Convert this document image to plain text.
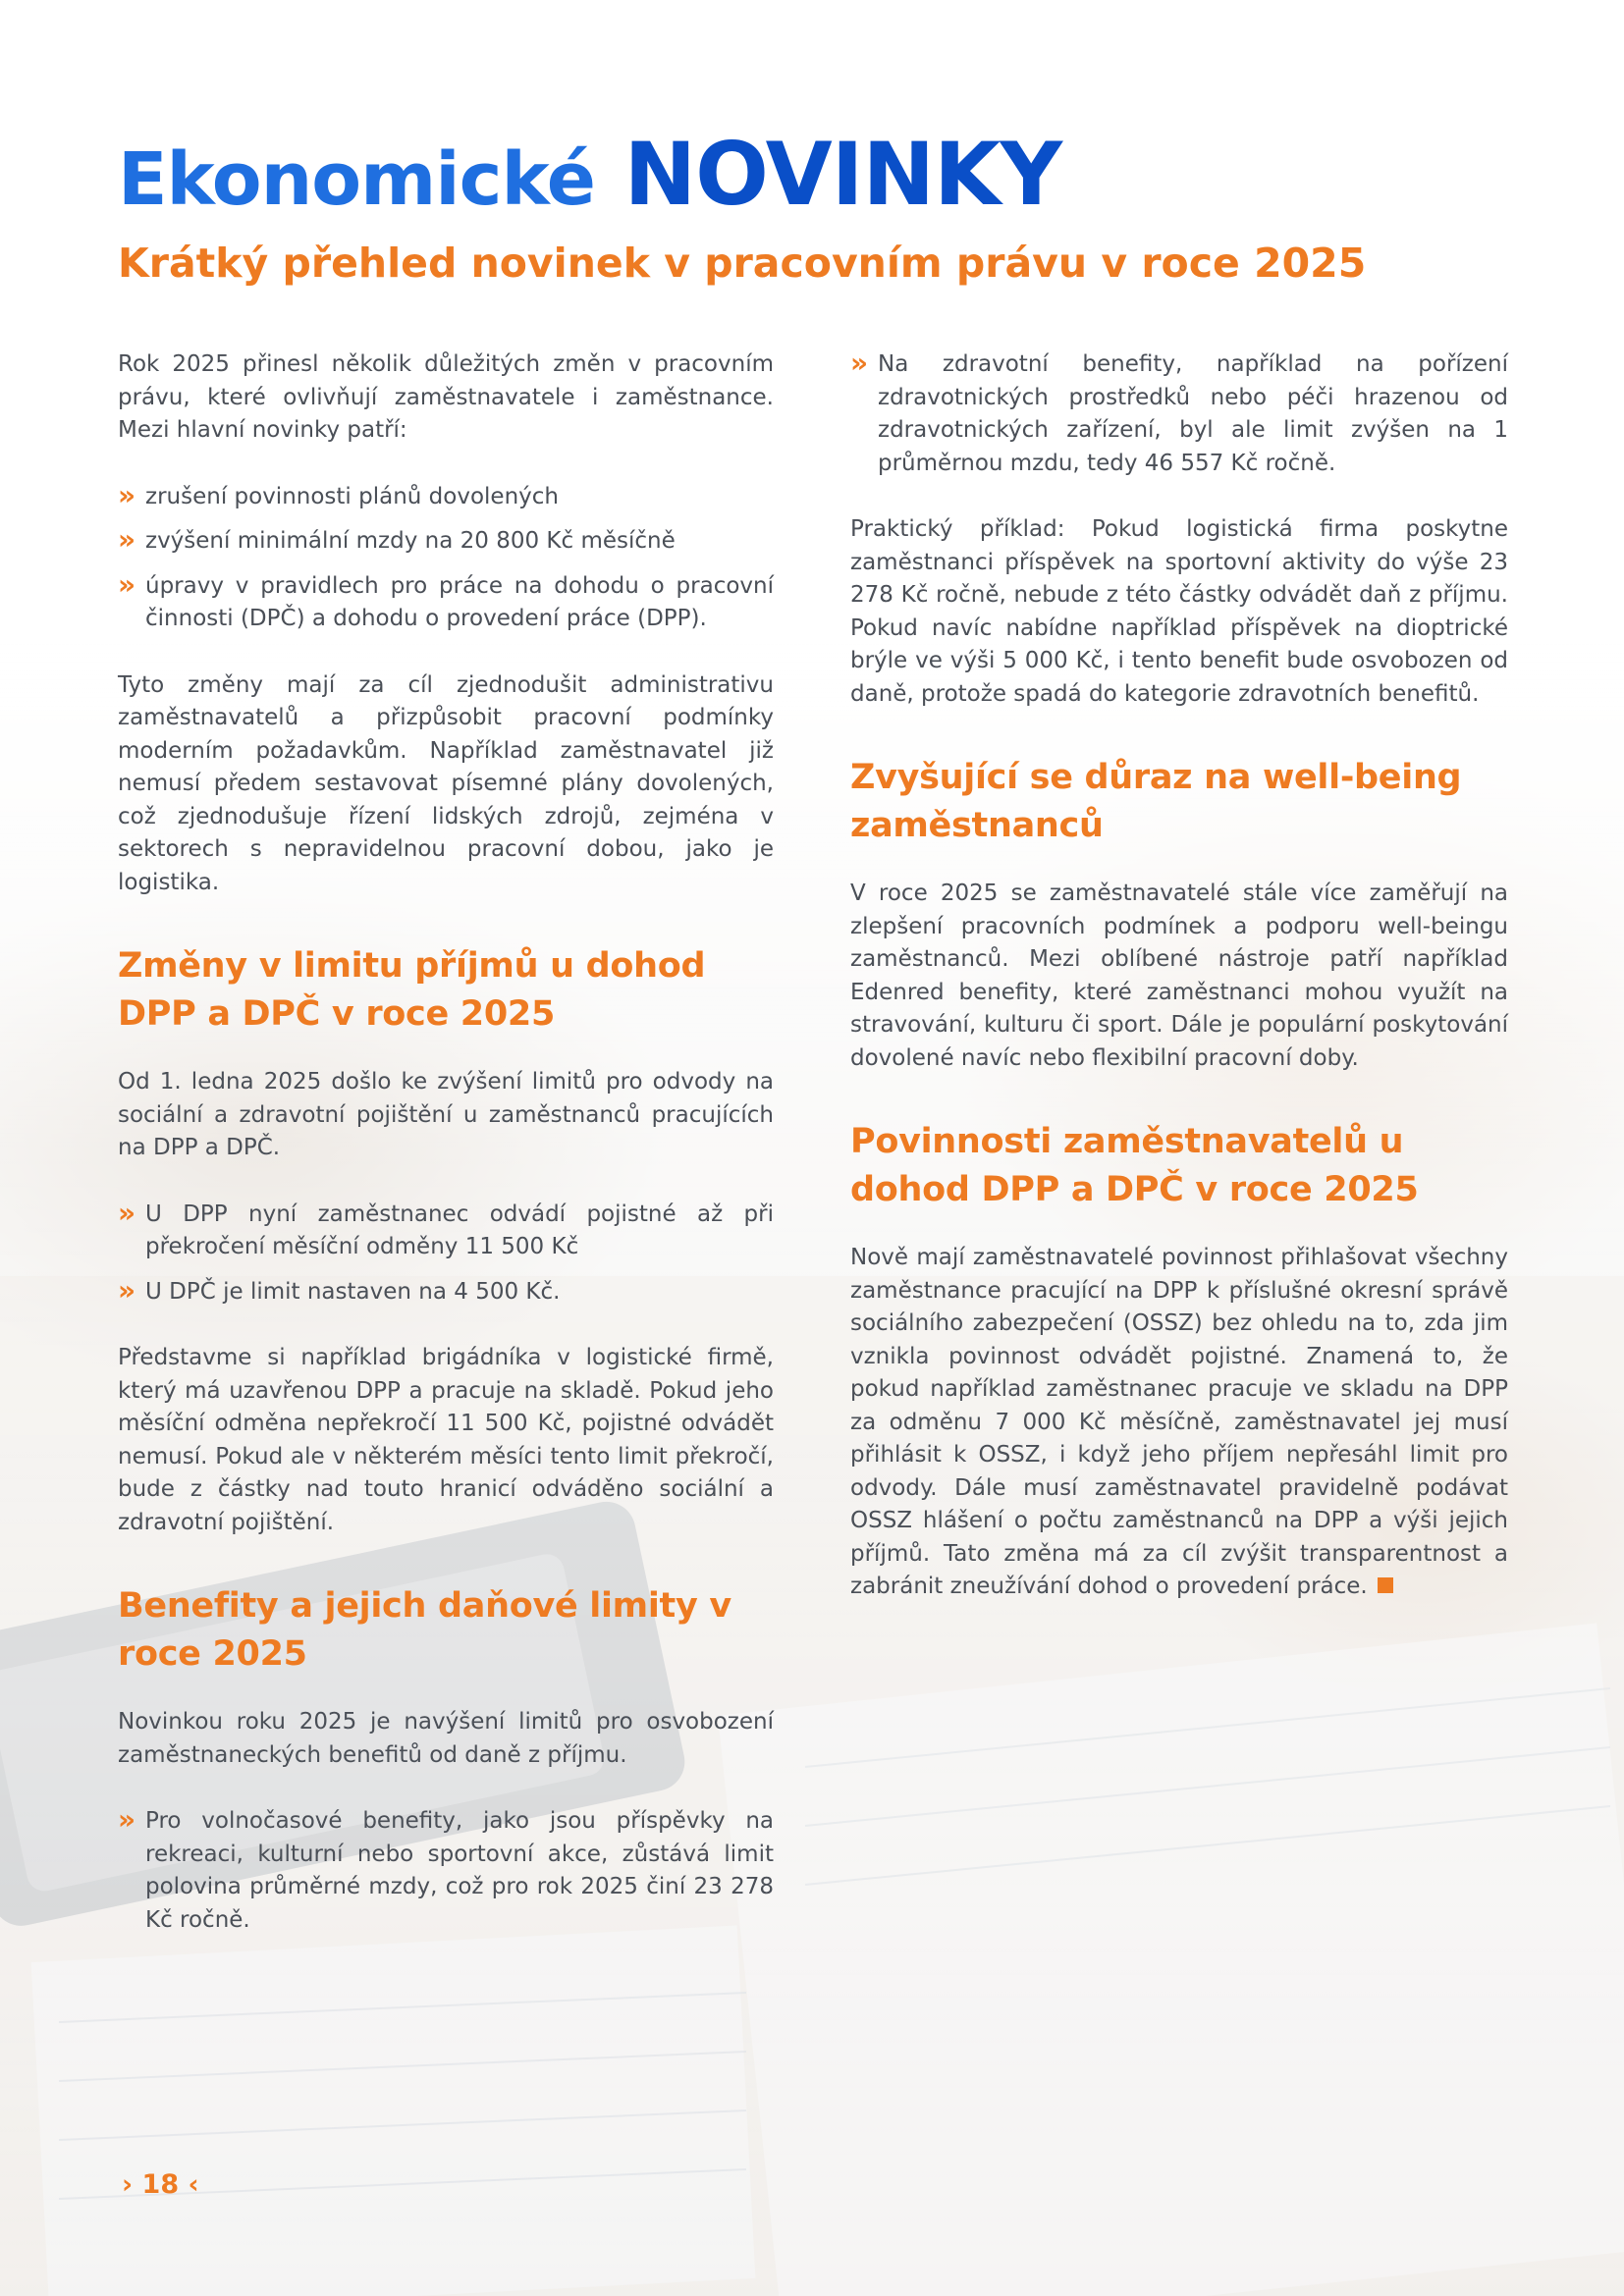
Ekonomické NOVINKY
Krátký přehled novinek v pracovním právu v roce 2025

Rok 2025 přinesl několik důležitých změn v pracovním právu, které ovlivňují zaměstnavatele i zaměstnance. Mezi hlavní novinky patří:

» zrušení povinnosti plánů dovolených
» zvýšení minimální mzdy na 20 800 Kč měsíčně
» úpravy v pravidlech pro práce na dohodu o pracovní činnosti (DPČ) a dohodu o provedení práce (DPP).

Tyto změny mají za cíl zjednodušit administrativu zaměstnavatelů a přizpůsobit pracovní podmínky moderním požadavkům. Například zaměstnavatel již nemusí předem sestavovat písemné plány dovolených, což zjednodušuje řízení lidských zdrojů, zejména v sektorech s nepravidelnou pracovní dobou, jako je logistika.

Změny v limitu příjmů u dohod DPP a DPČ v roce 2025

Od 1. ledna 2025 došlo ke zvýšení limitů pro odvody na sociální a zdravotní pojištění u zaměstnanců pracujících na DPP a DPČ.

» U DPP nyní zaměstnanec odvádí pojistné až při překročení měsíční odměny 11 500 Kč
» U DPČ je limit nastaven na 4 500 Kč.

Představme si například brigádníka v logistické firmě, který má uzavřenou DPP a pracuje na skladě. Pokud jeho měsíční odměna nepřekročí 11 500 Kč, pojistné odvádět nemusí. Pokud ale v některém měsíci tento limit překročí, bude z částky nad touto hranicí odváděno sociální a zdravotní pojištění.

Benefity a jejich daňové limity v roce 2025

Novinkou roku 2025 je navýšení limitů pro osvobození zaměstnaneckých benefitů od daně z příjmu.

» Pro volnočasové benefity, jako jsou příspěvky na rekreaci, kulturní nebo sportovní akce, zůstává limit polovina průměrné mzdy, což pro rok 2025 činí 23 278 Kč ročně.
» Na zdravotní benefity, například na pořízení zdravotnických prostředků nebo péči hrazenou od zdravotnických zařízení, byl ale limit zvýšen na 1 průměrnou mzdu, tedy 46 557 Kč ročně.

Praktický příklad: Pokud logistická firma poskytne zaměstnanci příspěvek na sportovní aktivity do výše 23 278 Kč ročně, nebude z této částky odvádět daň z příjmu. Pokud navíc nabídne například příspěvek na dioptrické brýle ve výši 5 000 Kč, i tento benefit bude osvobozen od daně, protože spadá do kategorie zdravotních benefitů.

Zvyšující se důraz na well-being zaměstnanců

V roce 2025 se zaměstnavatelé stále více zaměřují na zlepšení pracovních podmínek a podporu well-beingu zaměstnanců. Mezi oblíbené nástroje patří například Edenred benefity, které zaměstnanci mohou využít na stravování, kulturu či sport. Dále je populární poskytování dovolené navíc nebo flexibilní pracovní doby.

Povinnosti zaměstnavatelů u dohod DPP a DPČ v roce 2025

Nově mají zaměstnavatelé povinnost přihlašovat všechny zaměstnance pracující na DPP k příslušné okresní správě sociálního zabezpečení (OSSZ) bez ohledu na to, zda jim vznikla povinnost odvádět pojistné. Znamená to, že pokud například zaměstnanec pracuje ve skladu na DPP za odměnu 7 000 Kč měsíčně, zaměstnavatel jej musí přihlásit k OSSZ, i když jeho příjem nepřesáhl limit pro odvody. Dále musí zaměstnavatel pravidelně podávat OSSZ hlášení o počtu zaměstnanců na DPP a výši jejich příjmů. Tato změna má za cíl zvýšit transparentnost a zabránit zneužívání dohod o provedení práce.

› 18 ‹
